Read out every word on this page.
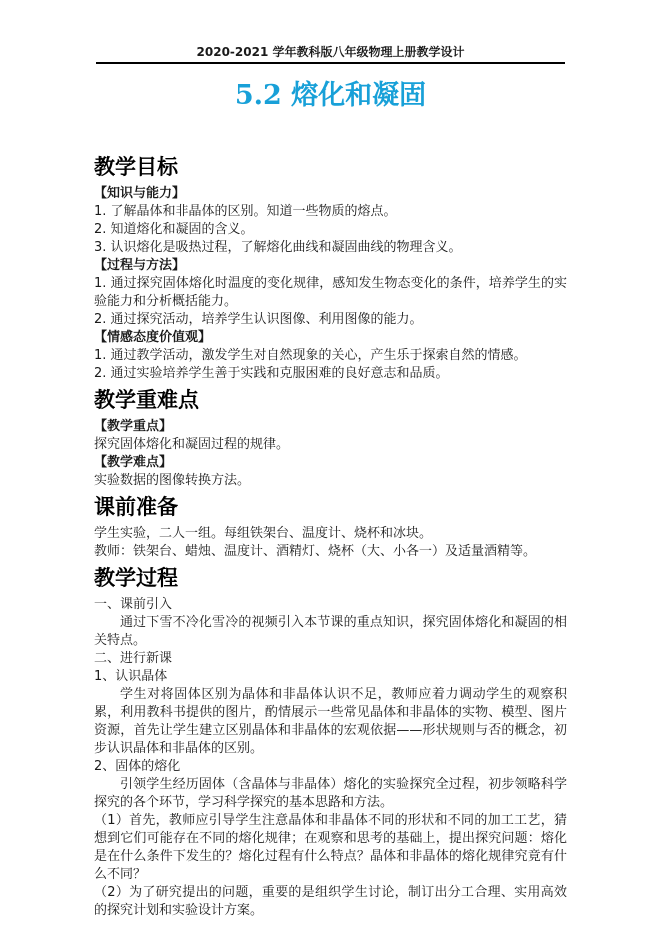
2020-2021 学年教科版八年级物理上册教学设计
5.2 熔化和凝固
教学目标
【知识与能力】
1. 了解晶体和非晶体的区别。知道一些物质的熔点。
2. 知道熔化和凝固的含义。
3. 认识熔化是吸热过程，了解熔化曲线和凝固曲线的物理含义。
【过程与方法】
1. 通过探究固体熔化时温度的变化规律，感知发生物态变化的条件，培养学生的实验能力和分析概括能力。
2. 通过探究活动，培养学生认识图像、利用图像的能力。
【情感态度价值观】
1. 通过教学活动，激发学生对自然现象的关心，产生乐于探索自然的情感。
2. 通过实验培养学生善于实践和克服困难的良好意志和品质。
教学重难点
【教学重点】
探究固体熔化和凝固过程的规律。
【教学难点】
实验数据的图像转换方法。
课前准备
学生实验，二人一组。每组铁架台、温度计、烧杯和冰块。
教师：铁架台、蜡烛、温度计、酒精灯、烧杯（大、小各一）及适量酒精等。
教学过程
一、课前引入
通过下雪不冷化雪冷的视频引入本节课的重点知识，探究固体熔化和凝固的相关特点。
二、进行新课
1、认识晶体
学生对将固体区别为晶体和非晶体认识不足，教师应着力调动学生的观察积累，利用教科书提供的图片，酌情展示一些常见晶体和非晶体的实物、模型、图片资源，首先让学生建立区别晶体和非晶体的宏观依据——形状规则与否的概念，初步认识晶体和非晶体的区别。
2、固体的熔化
引领学生经历固体（含晶体与非晶体）熔化的实验探究全过程，初步领略科学探究的各个环节，学习科学探究的基本思路和方法。
（1）首先，教师应引导学生注意晶体和非晶体不同的形状和不同的加工工艺，猜想到它们可能存在不同的熔化规律；在观察和思考的基础上，提出探究问题：熔化是在什么条件下发生的？熔化过程有什么特点？晶体和非晶体的熔化规律究竟有什么不同？
（2）为了研究提出的问题，重要的是组织学生讨论，制订出分工合理、实用高效的探究计划和实验设计方案。
